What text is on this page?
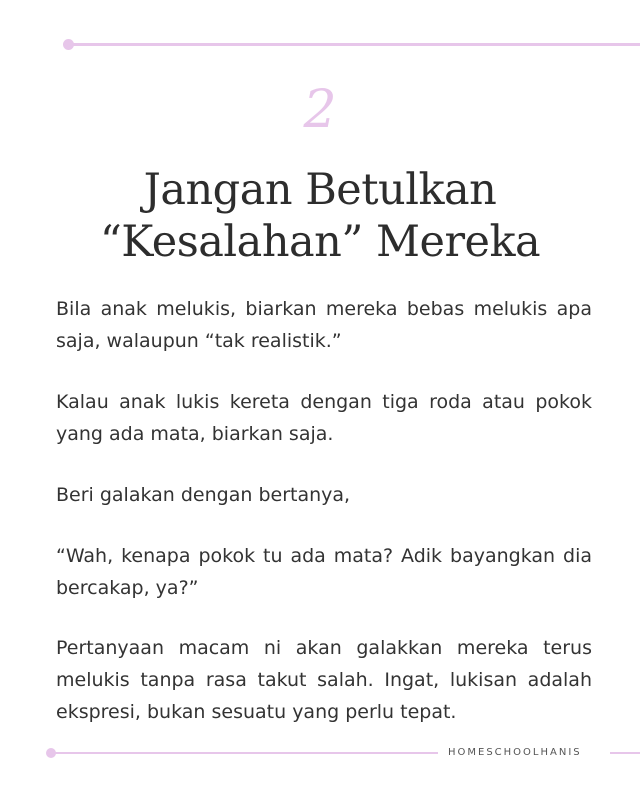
2
Jangan Betulkan
“Kesalahan” Mereka

Bila anak melukis, biarkan mereka bebas melukis apa saja, walaupun “tak realistik.”

Kalau anak lukis kereta dengan tiga roda atau pokok yang ada mata, biarkan saja.

Beri galakan dengan bertanya,

“Wah, kenapa pokok tu ada mata? Adik bayangkan dia bercakap, ya?”

Pertanyaan macam ni akan galakkan mereka terus melukis tanpa rasa takut salah. Ingat, lukisan adalah ekspresi, bukan sesuatu yang perlu tepat.

HOMESCHOOLHANIS
